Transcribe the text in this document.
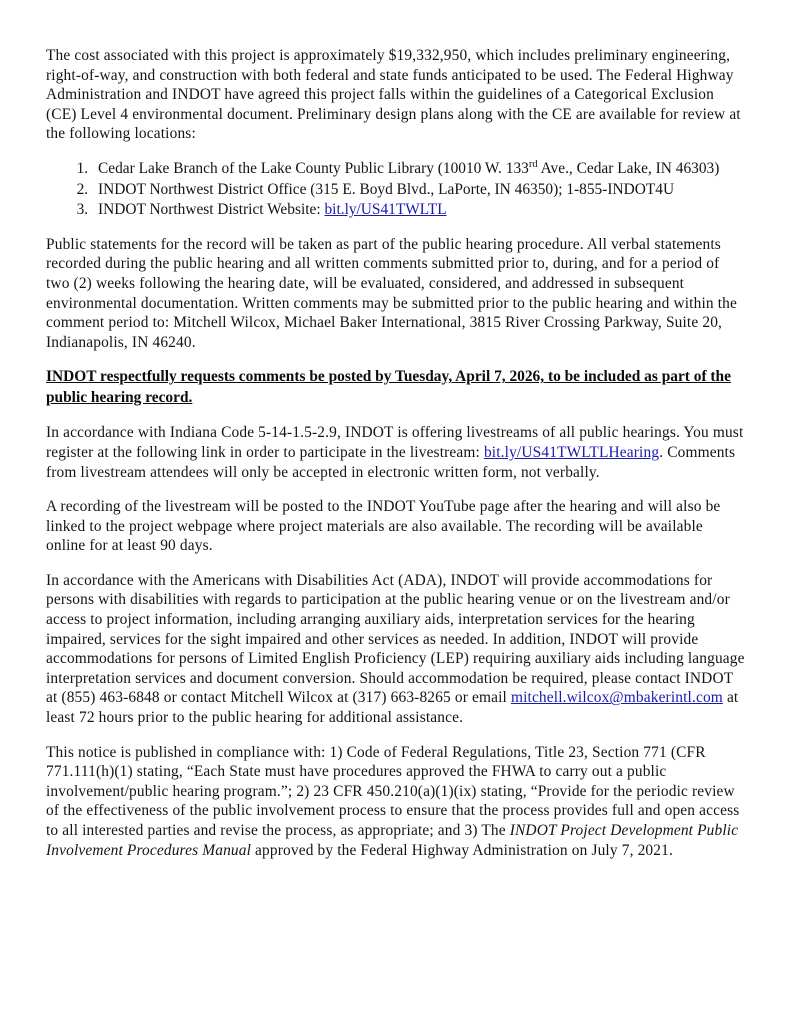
The cost associated with this project is approximately $19,332,950, which includes preliminary engineering, right-of-way, and construction with both federal and state funds anticipated to be used. The Federal Highway Administration and INDOT have agreed this project falls within the guidelines of a Categorical Exclusion (CE) Level 4 environmental document. Preliminary design plans along with the CE are available for review at the following locations:

1. Cedar Lake Branch of the Lake County Public Library (10010 W. 133rd Ave., Cedar Lake, IN 46303)
2. INDOT Northwest District Office (315 E. Boyd Blvd., LaPorte, IN 46350); 1-855-INDOT4U
3. INDOT Northwest District Website: bit.ly/US41TWLTL

Public statements for the record will be taken as part of the public hearing procedure. All verbal statements recorded during the public hearing and all written comments submitted prior to, during, and for a period of two (2) weeks following the hearing date, will be evaluated, considered, and addressed in subsequent environmental documentation. Written comments may be submitted prior to the public hearing and within the comment period to: Mitchell Wilcox, Michael Baker International, 3815 River Crossing Parkway, Suite 20, Indianapolis, IN 46240.

INDOT respectfully requests comments be posted by Tuesday, April 7, 2026, to be included as part of the public hearing record.

In accordance with Indiana Code 5-14-1.5-2.9, INDOT is offering livestreams of all public hearings. You must register at the following link in order to participate in the livestream: bit.ly/US41TWLTLHearing. Comments from livestream attendees will only be accepted in electronic written form, not verbally.

A recording of the livestream will be posted to the INDOT YouTube page after the hearing and will also be linked to the project webpage where project materials are also available. The recording will be available online for at least 90 days.

In accordance with the Americans with Disabilities Act (ADA), INDOT will provide accommodations for persons with disabilities with regards to participation at the public hearing venue or on the livestream and/or access to project information, including arranging auxiliary aids, interpretation services for the hearing impaired, services for the sight impaired and other services as needed. In addition, INDOT will provide accommodations for persons of Limited English Proficiency (LEP) requiring auxiliary aids including language interpretation services and document conversion. Should accommodation be required, please contact INDOT at (855) 463-6848 or contact Mitchell Wilcox at (317) 663-8265 or email mitchell.wilcox@mbakerintl.com at least 72 hours prior to the public hearing for additional assistance.

This notice is published in compliance with: 1) Code of Federal Regulations, Title 23, Section 771 (CFR 771.111(h)(1) stating, “Each State must have procedures approved the FHWA to carry out a public involvement/public hearing program.”; 2) 23 CFR 450.210(a)(1)(ix) stating, “Provide for the periodic review of the effectiveness of the public involvement process to ensure that the process provides full and open access to all interested parties and revise the process, as appropriate; and 3) The INDOT Project Development Public Involvement Procedures Manual approved by the Federal Highway Administration on July 7, 2021.
